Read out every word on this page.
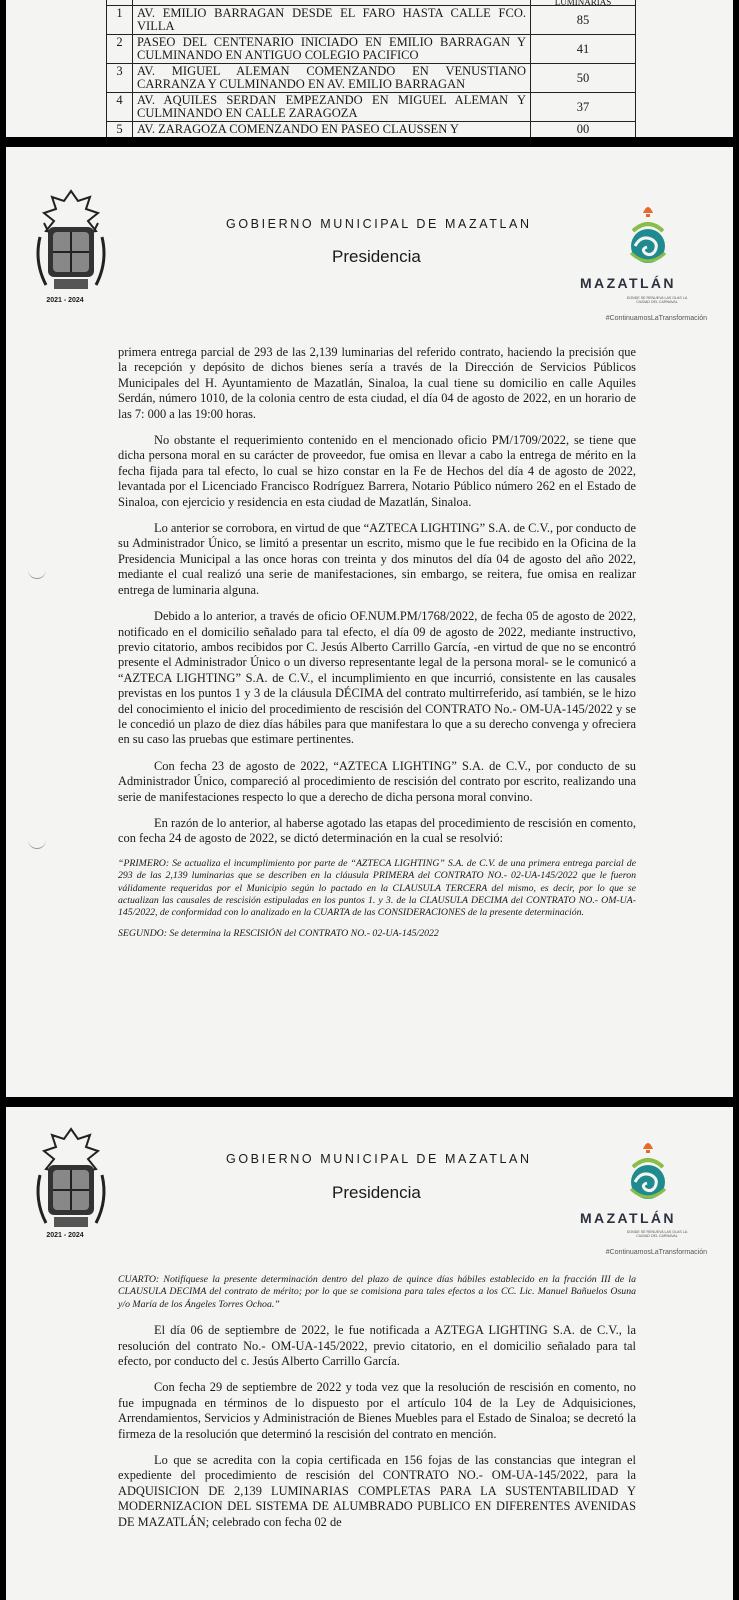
		LUMINARIAS
1	AV. EMILIO BARRAGAN DESDE EL FARO HASTA CALLE FCO. VILLA	85
2	PASEO DEL CENTENARIO INICIADO EN EMILIO BARRAGAN Y CULMINANDO EN ANTIGUO COLEGIO PACIFICO	41
3	AV. MIGUEL ALEMAN COMENZANDO EN VENUSTIANO CARRANZA Y CULMINANDO EN AV. EMILIO BARRAGAN	50
4	AV. AQUILES SERDAN EMPEZANDO EN MIGUEL ALEMAN Y CULMINANDO EN CALLE ZARAGOZA	37
5	AV. ZARAGOZA COMENZANDO EN PASEO CLAUSSEN Y	00
2021 - 2024
GOBIERNO MUNICIPAL DE MAZATLAN
Presidencia
MAZATLÁN
DONDE SE RENUEVA LAS OLAS LA CIUDAD DEL CARNAVAL
#ContinuamosLaTransformación

primera entrega parcial de 293 de las 2,139 luminarias del referido contrato, haciendo la precisión que la recepción y depósito de dichos bienes sería a través de la Dirección de Servicios Públicos Municipales del H. Ayuntamiento de Mazatlán, Sinaloa, la cual tiene su domicilio en calle Aquiles Serdán, número 1010, de la colonia centro de esta ciudad, el día 04 de agosto de 2022, en un horario de las 7: 000 a las 19:00 horas.

No obstante el requerimiento contenido en el mencionado oficio PM/1709/2022, se tiene que dicha persona moral en su carácter de proveedor, fue omisa en llevar a cabo la entrega de mérito en la fecha fijada para tal efecto, lo cual se hizo constar en la Fe de Hechos del día 4 de agosto de 2022, levantada por el Licenciado Francisco Rodríguez Barrera, Notario Público número 262 en el Estado de Sinaloa, con ejercicio y residencia en esta ciudad de Mazatlán, Sinaloa.

Lo anterior se corrobora, en virtud de que “AZTECA LIGHTING” S.A. de C.V., por conducto de su Administrador Único, se limitó a presentar un escrito, mismo que le fue recibido en la Oficina de la Presidencia Municipal a las once horas con treinta y dos minutos del día 04 de agosto del año 2022, mediante el cual realizó una serie de manifestaciones, sin embargo, se reitera, fue omisa en realizar entrega de luminaria alguna.

Debido a lo anterior, a través de oficio OF.NUM.PM/1768/2022, de fecha 05 de agosto de 2022, notificado en el domicilio señalado para tal efecto, el día 09 de agosto de 2022, mediante instructivo, previo citatorio, ambos recibidos por C. Jesús Alberto Carrillo García, -en virtud de que no se encontró presente el Administrador Único o un diverso representante legal de la persona moral- se le comunicó a “AZTECA LIGHTING” S.A. de C.V., el incumplimiento en que incurrió, consistente en las causales previstas en los puntos 1 y 3 de la cláusula DÉCIMA del contrato multirreferido, así también, se le hizo del conocimiento el inicio del procedimiento de rescisión del CONTRATO No.- OM-UA-145/2022 y se le concedió un plazo de diez días hábiles para que manifestara lo que a su derecho convenga y ofreciera en su caso las pruebas que estimare pertinentes.

Con fecha 23 de agosto de 2022, “AZTECA LIGHTING” S.A. de C.V., por conducto de su Administrador Único, compareció al procedimiento de rescisión del contrato por escrito, realizando una serie de manifestaciones respecto lo que a derecho de dicha persona moral convino.

En razón de lo anterior, al haberse agotado las etapas del procedimiento de rescisión en comento, con fecha 24 de agosto de 2022, se dictó determinación en la cual se resolvió:

“PRIMERO: Se actualiza el incumplimiento por parte de “AZTECA LIGHTING” S.A. de C.V. de una primera entrega parcial de 293 de las 2,139 luminarias que se describen en la cláusula PRIMERA del CONTRATO NO.- 02-UA-145/2022 que le fueron válidamente requeridas por el Municipio según lo pactado en la CLAUSULA TERCERA del mismo, es decir, por lo que se actualizan las causales de rescisión estipuladas en los puntos 1. y 3. de la CLAUSULA DECIMA del CONTRATO NO.- OM-UA-145/2022, de conformidad con lo analizado en la CUARTA de las CONSIDERACIONES de la presente determinación.

SEGUNDO: Se determina la RESCISIÓN del CONTRATO NO.- 02-UA-145/2022

2021 - 2024
GOBIERNO MUNICIPAL DE MAZATLAN
Presidencia
MAZATLÁN
DONDE SE RENUEVA LAS OLAS LA CIUDAD DEL CARNAVAL
#ContinuamosLaTransformación

CUARTO: Notifíquese la presente determinación dentro del plazo de quince días hábiles establecido en la fracción III de la CLAUSULA DECIMA del contrato de mérito; por lo que se comisiona para tales efectos a los CC. Lic. Manuel Bañuelos Osuna y/o María de los Ángeles Torres Ochoa.”

El día 06 de septiembre de 2022, le fue notificada a AZTEGA LIGHTING S.A. de C.V., la resolución del contrato No.- OM-UA-145/2022, previo citatorio, en el domicilio señalado para tal efecto, por conducto del c. Jesús Alberto Carrillo García.

Con fecha 29 de septiembre de 2022 y toda vez que la resolución de rescisión en comento, no fue impugnada en términos de lo dispuesto por el artículo 104 de la Ley de Adquisiciones, Arrendamientos, Servicios y Administración de Bienes Muebles para el Estado de Sinaloa; se decretó la firmeza de la resolución que determinó la rescisión del contrato en mención.

Lo que se acredita con la copia certificada en 156 fojas de las constancias que integran el expediente del procedimiento de rescisión del CONTRATO NO.- OM-UA-145/2022, para la ADQUISICION DE 2,139 LUMINARIAS COMPLETAS PARA LA SUSTENTABILIDAD Y MODERNIZACION DEL SISTEMA DE ALUMBRADO PUBLICO EN DIFERENTES AVENIDAS DE MAZATLÁN; celebrado con fecha 02 de
